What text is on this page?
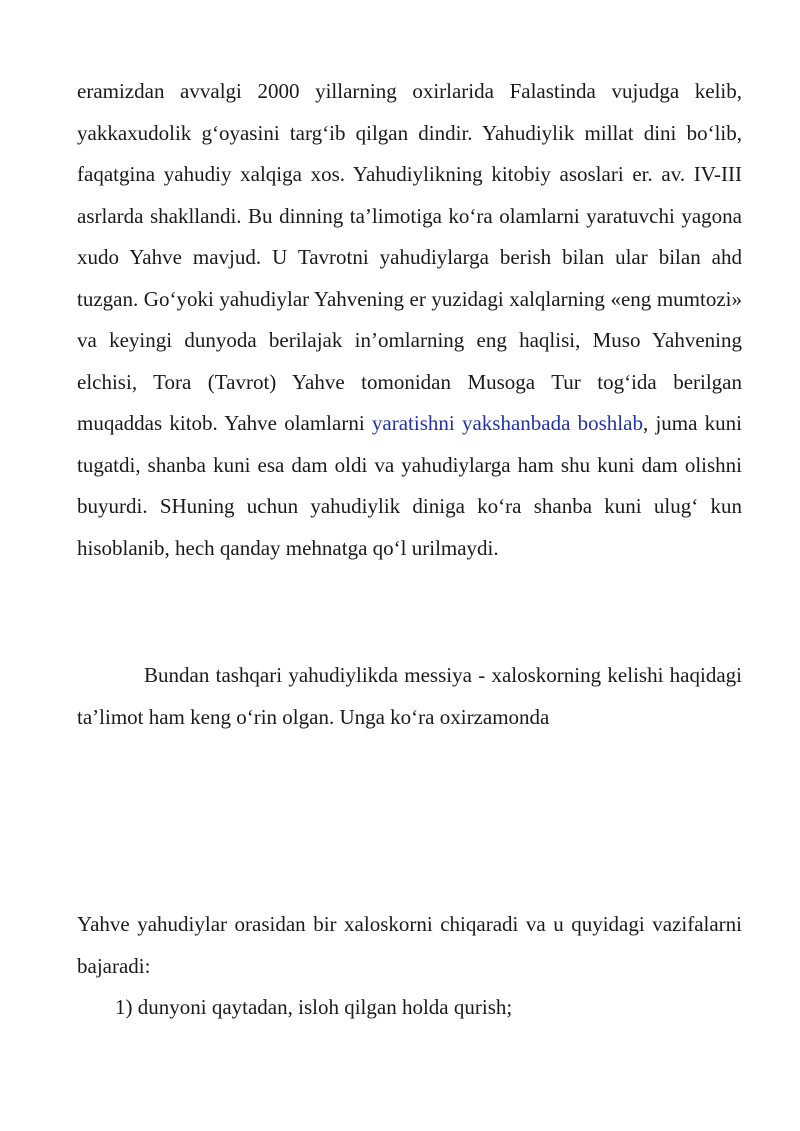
eramizdan avvalgi 2000 yillarning oxirlarida Falastinda vujudga kelib, yakkaxudolik g‘oyasini targ‘ib qilgan dindir. Yahudiylik millat dini bo‘lib, faqatgina yahudiy xalqiga xos. Yahudiylikning kitobiy asoslari er. av. IV-III asrlarda shakllandi. Bu dinning ta’limotiga ko‘ra olamlarni yaratuvchi yagona xudo Yahve mavjud. U Tavrotni yahudiylarga berish bilan ular bilan ahd tuzgan. Go‘yoki yahudiylar Yahvening er yuzidagi xalqlarning «eng mumtozi» va keyingi dunyoda berilajak in’omlarning eng haqlisi, Muso Yahvening elchisi, Tora (Tavrot) Yahve tomonidan Musoga Tur tog‘ida berilgan muqaddas kitob. Yahve olamlarni yaratishni yakshanbada boshlab, juma kuni tugatdi, shanba kuni esa dam oldi va yahudiylarga ham shu kuni dam olishni buyurdi. SHuning uchun yahudiylik diniga ko‘ra shanba kuni ulug‘ kun hisoblanib, hech qanday mehnatga qo‘l urilmaydi.

Bundan tashqari yahudiylikda messiya - xaloskorning kelishi haqidagi ta’limot ham keng o‘rin olgan. Unga ko‘ra oxirzamonda

Yahve yahudiylar orasidan bir xaloskorni chiqaradi va u quyidagi vazifalarni bajaradi:

1) dunyoni qaytadan, isloh qilgan holda qurish;
